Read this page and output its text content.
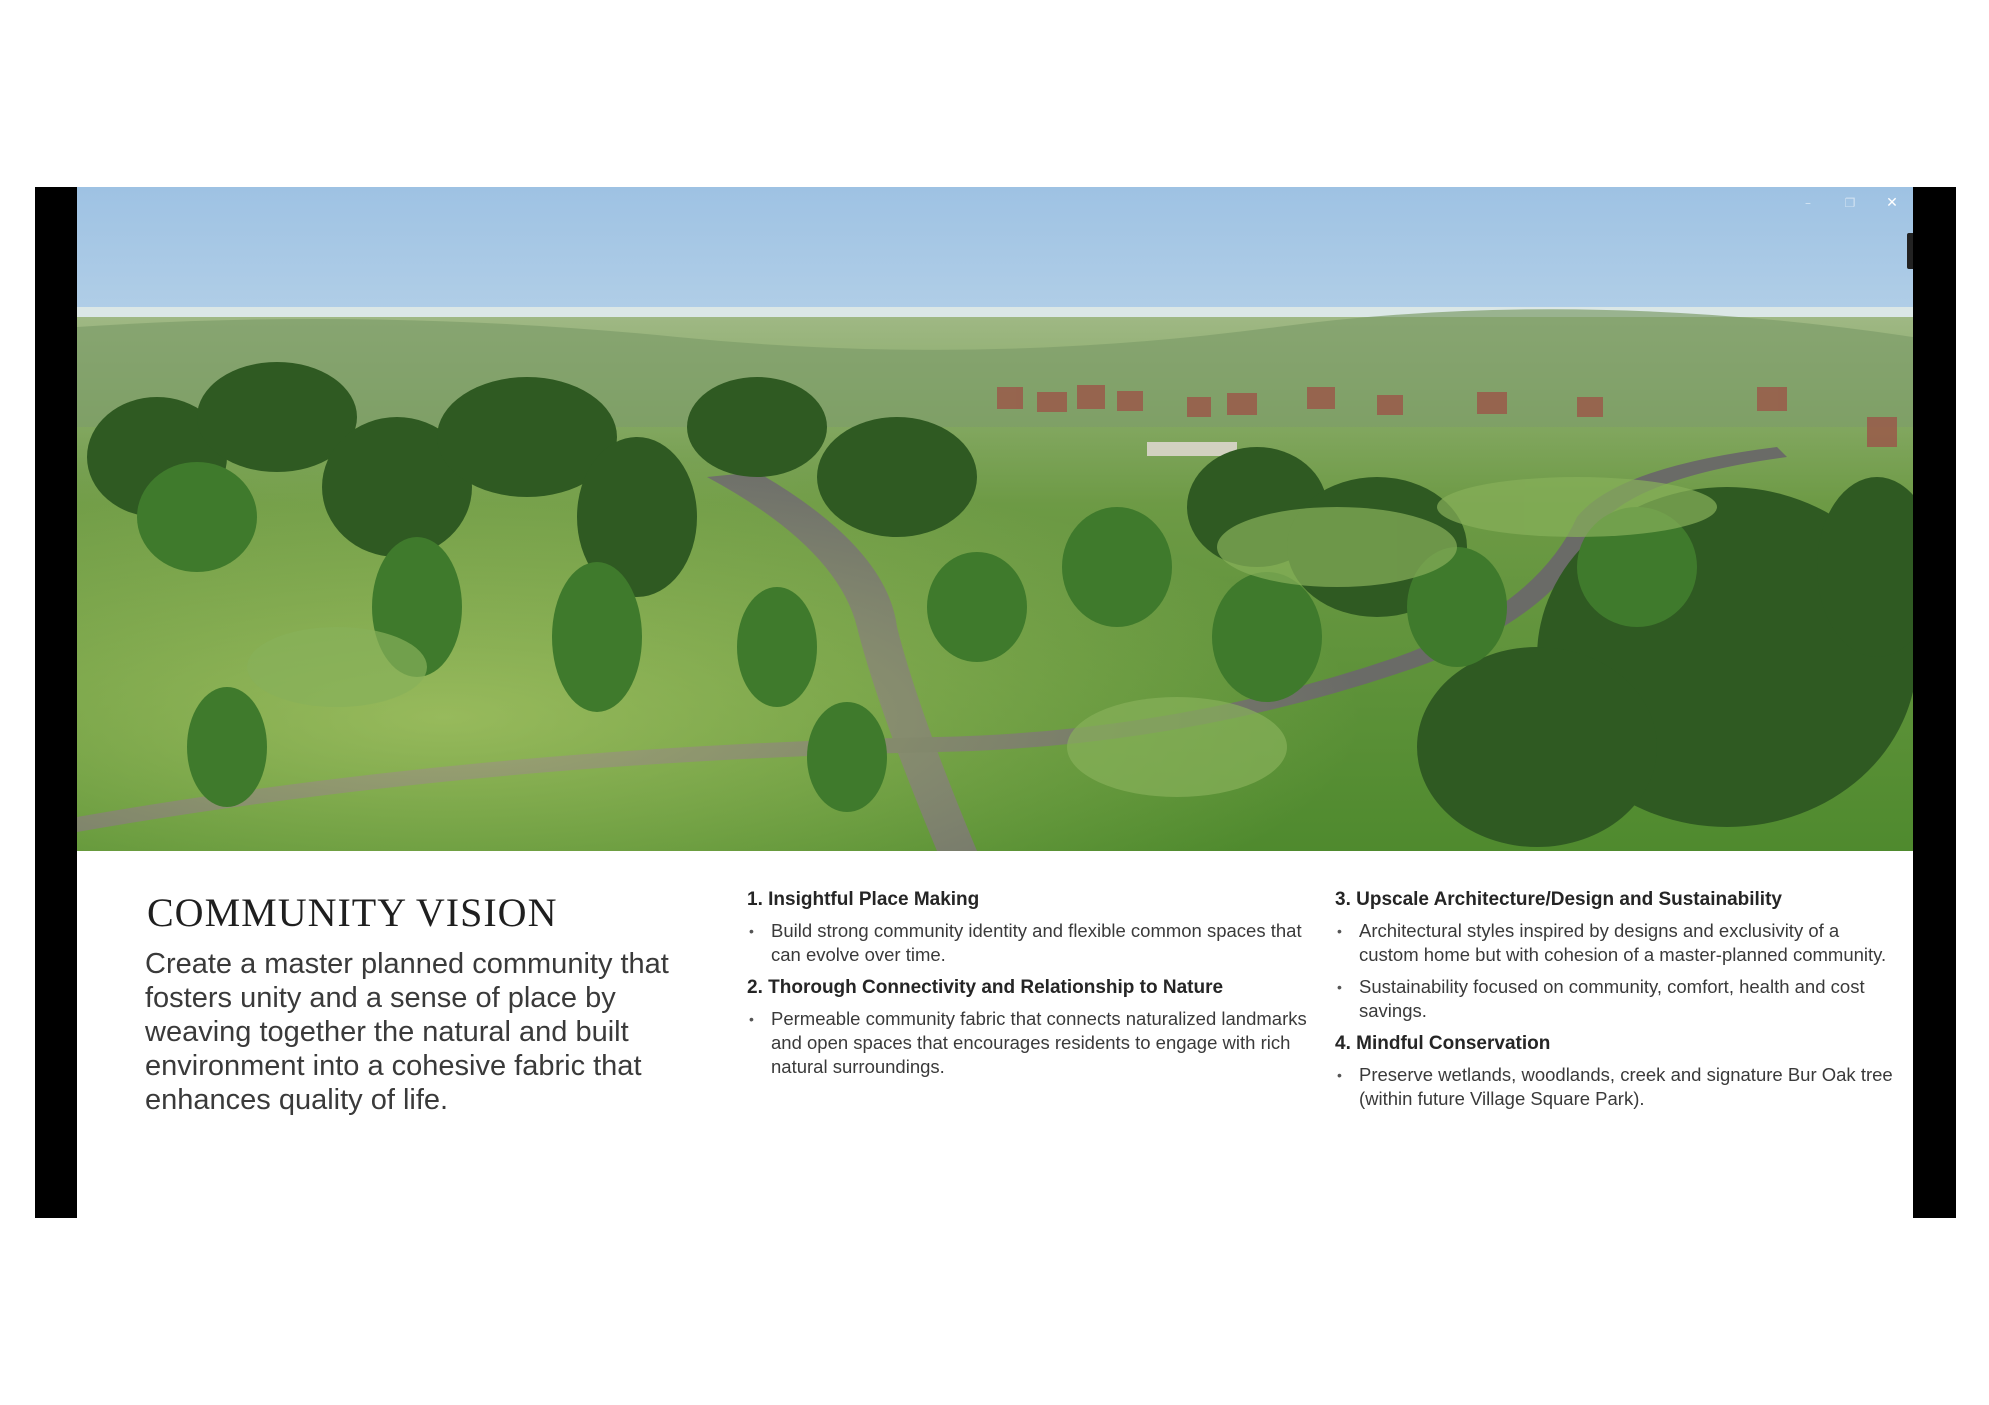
–	❐	✕
COMMUNITY VISION

Create a master planned community that fosters unity and a sense of place by weaving together the natural and built environment into a cohesive fabric that enhances quality of life.

1. Insightful Place Making
• Build strong community identity and flexible common spaces that can evolve over time.
2. Thorough Connectivity and Relationship to Nature
• Permeable community fabric that connects naturalized landmarks and open spaces that encourages residents to engage with rich natural surroundings.
3. Upscale Architecture/Design and Sustainability
• Architectural styles inspired by designs and exclusivity of a custom home but with cohesion of a master-planned community.
• Sustainability focused on community, comfort, health and cost savings.
4. Mindful Conservation
• Preserve wetlands, woodlands, creek and signature Bur Oak tree (within future Village Square Park).
